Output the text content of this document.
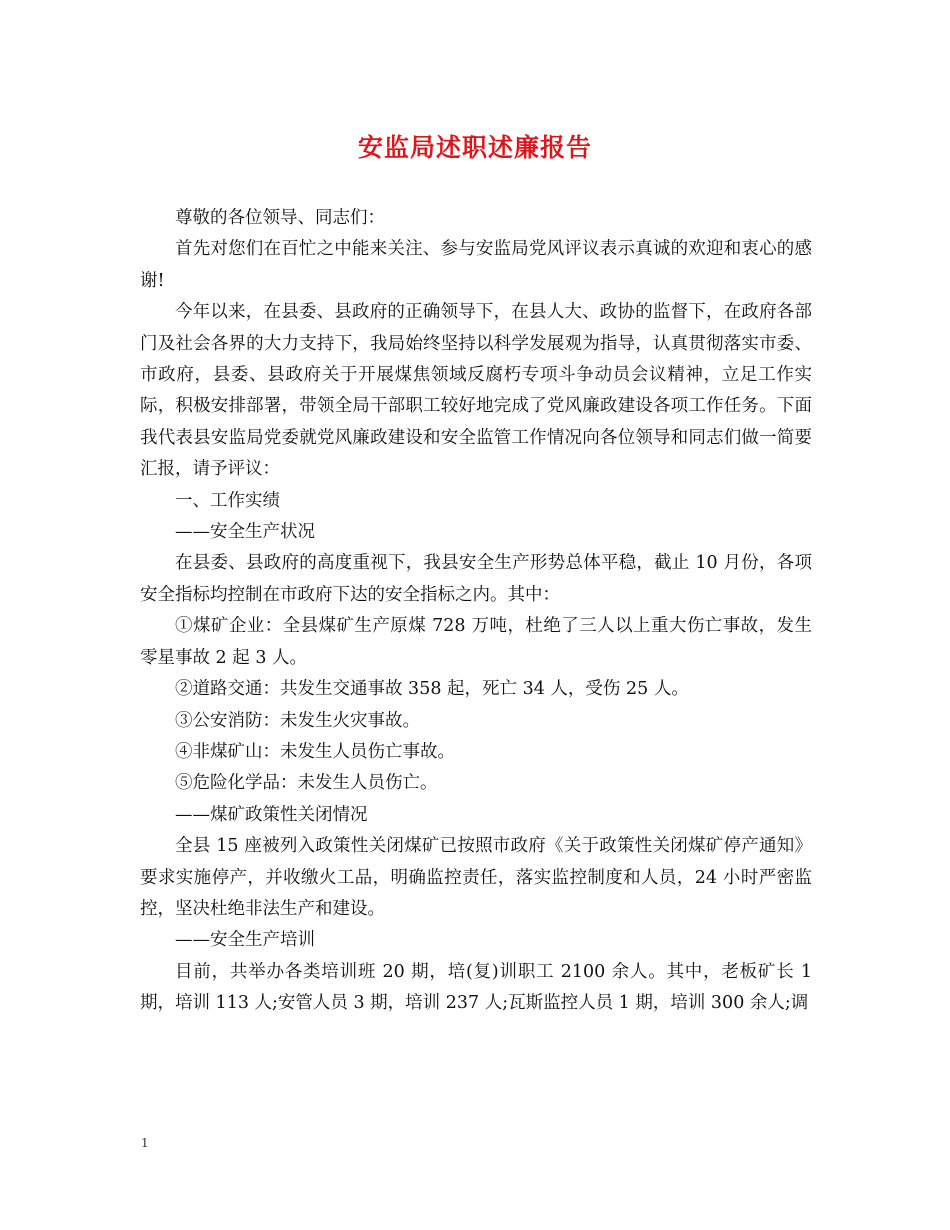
安监局述职述廉报告

尊敬的各位领导、同志们：

首先对您们在百忙之中能来关注、参与安监局党风评议表示真诚的欢迎和衷心的感谢!

今年以来，在县委、县政府的正确领导下，在县人大、政协的监督下，在政府各部门及社会各界的大力支持下，我局始终坚持以科学发展观为指导，认真贯彻落实市委、市政府，县委、县政府关于开展煤焦领域反腐朽专项斗争动员会议精神，立足工作实际，积极安排部署，带领全局干部职工较好地完成了党风廉政建设各项工作任务。下面我代表县安监局党委就党风廉政建设和安全监管工作情况向各位领导和同志们做一简要汇报，请予评议：

一、工作实绩

——安全生产状况

在县委、县政府的高度重视下，我县安全生产形势总体平稳，截止 10 月份，各项安全指标均控制在市政府下达的安全指标之内。其中：

①煤矿企业：全县煤矿生产原煤 728 万吨，杜绝了三人以上重大伤亡事故，发生零星事故 2 起 3 人。

②道路交通：共发生交通事故 358 起，死亡 34 人，受伤 25 人。

③公安消防：未发生火灾事故。

④非煤矿山：未发生人员伤亡事故。

⑤危险化学品：未发生人员伤亡。

——煤矿政策性关闭情况

全县 15 座被列入政策性关闭煤矿已按照市政府《关于政策性关闭煤矿停产通知》要求实施停产，并收缴火工品，明确监控责任，落实监控制度和人员，24 小时严密监控，坚决杜绝非法生产和建设。

——安全生产培训

目前，共举办各类培训班 20 期，培(复)训职工 2100 余人。其中，老板矿长 1 期，培训 113 人;安管人员 3 期，培训 237 人;瓦斯监控人员 1 期，培训 300 余人;调

1
